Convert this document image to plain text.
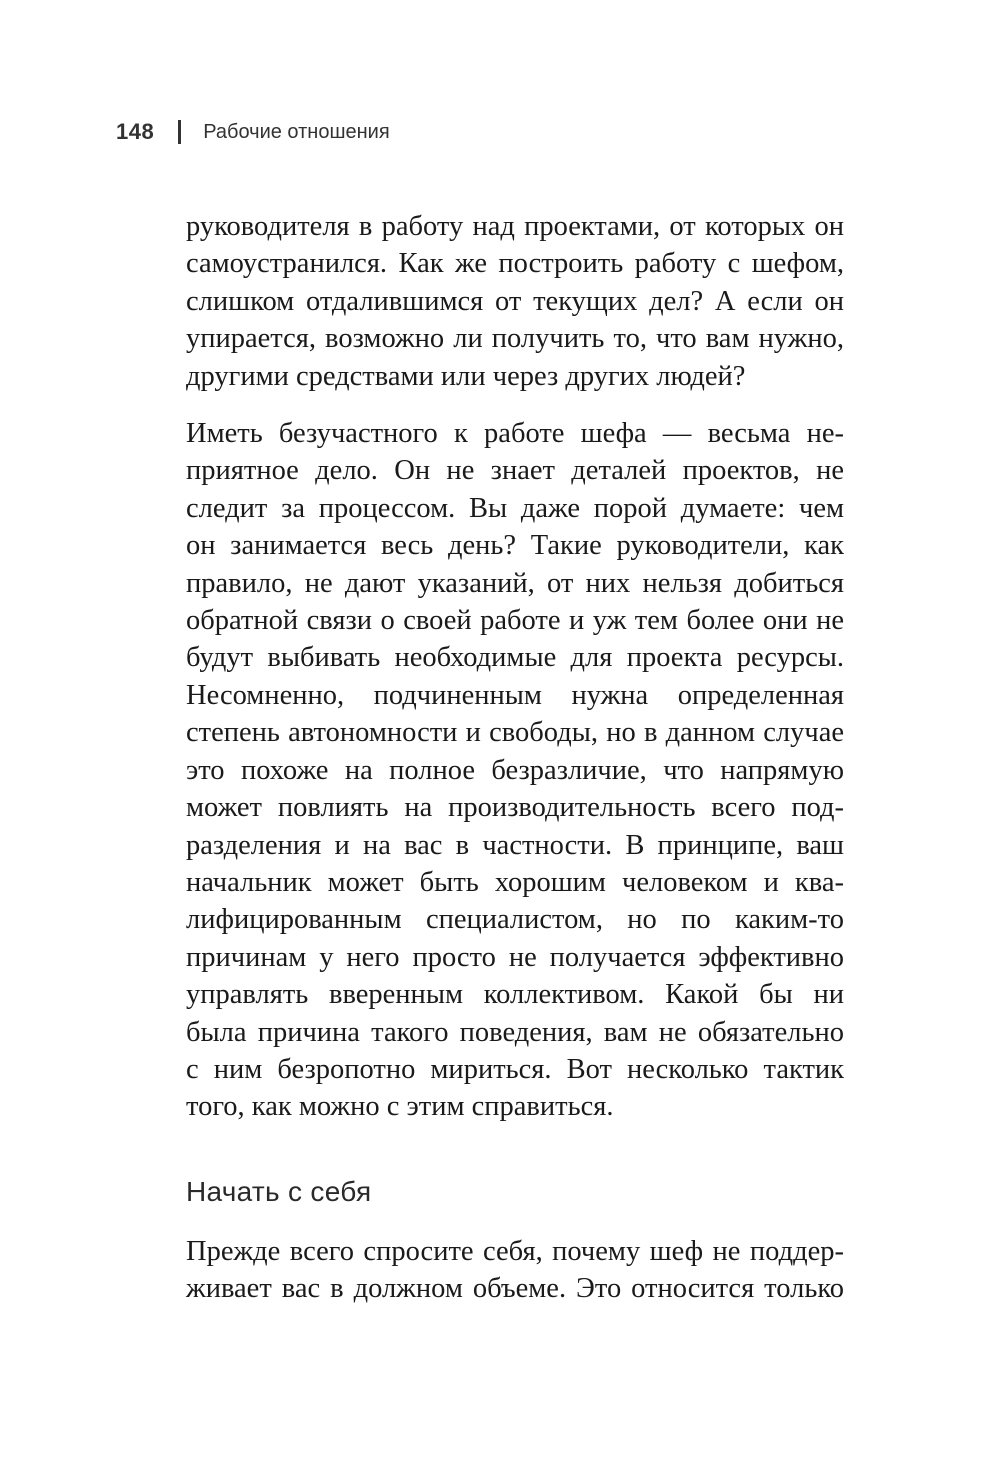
148 Рабочие отношения

руководителя в работу над проектами, от которых он
самоустранился. Как же построить работу с шефом,
слишком отдалившимся от текущих дел? А если он
упирается, возможно ли получить то, что вам нужно,
другими средствами или через других людей?

Иметь безучастного к работе шефа — весьма не-
приятное дело. Он не знает деталей проектов, не
следит за процессом. Вы даже порой думаете: чем
он занимается весь день? Такие руководители, как
правило, не дают указаний, от них нельзя добиться
обратной связи о своей работе и уж тем более они не
будут выбивать необходимые для проекта ресурсы.
Несомненно, подчиненным нужна определенная
степень автономности и свободы, но в данном случае
это похоже на полное безразличие, что напрямую
может повлиять на производительность всего под-
разделения и на вас в частности. В принципе, ваш
начальник может быть хорошим человеком и ква-
лифицированным специалистом, но по каким-то
причинам у него просто не получается эффективно
управлять вверенным коллективом. Какой бы ни
была причина такого поведения, вам не обязательно
с ним безропотно мириться. Вот несколько тактик
того, как можно с этим справиться.

Начать с себя

Прежде всего спросите себя, почему шеф не поддер-
живает вас в должном объеме. Это относится только
